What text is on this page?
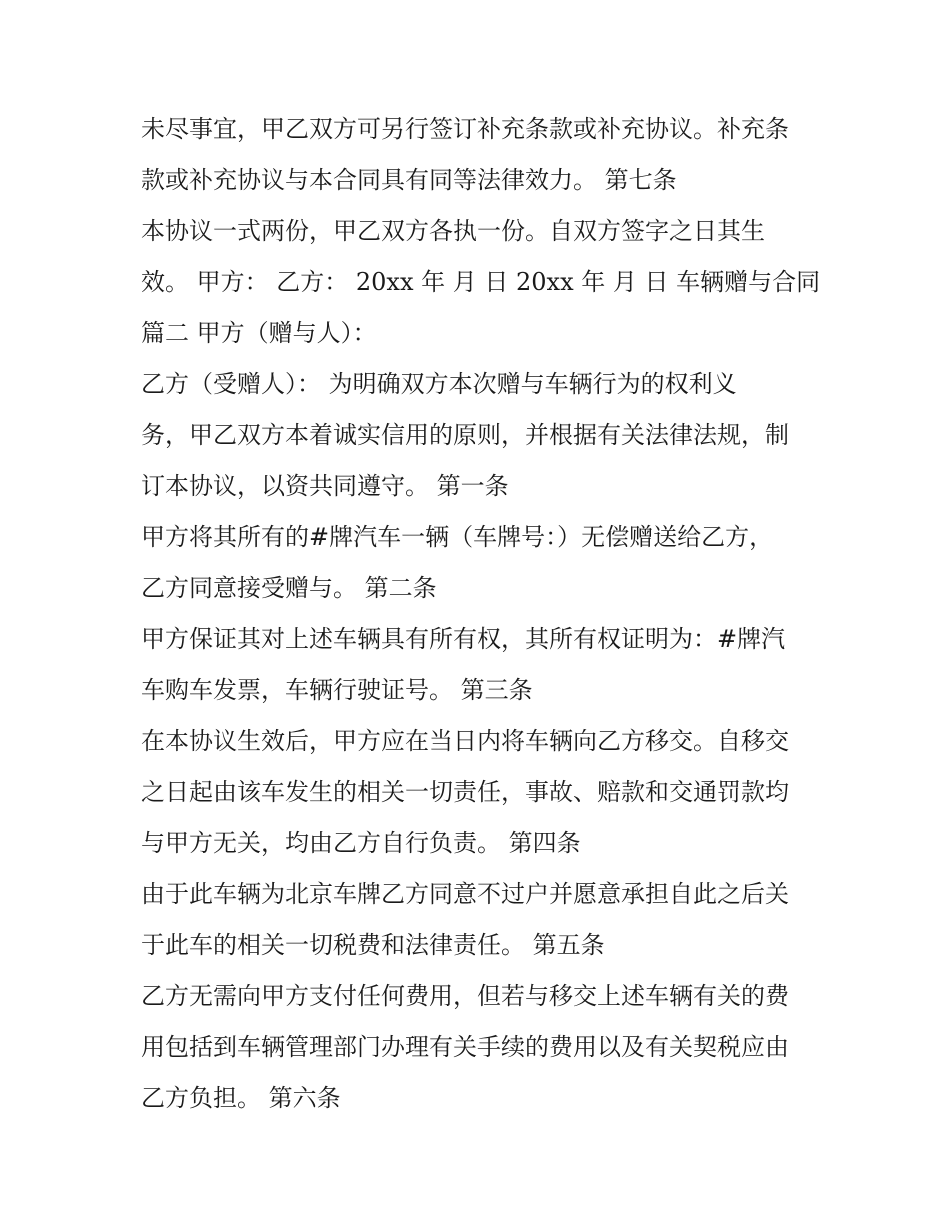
未尽事宜，甲乙双方可另行签订补充条款或补充协议。补充条
款或补充协议与本合同具有同等法律效力。 第七条
本协议一式两份，甲乙双方各执一份。自双方签字之日其生
效。 甲方： 乙方： 20xx 年 月 日 20xx 年 月 日 车辆赠与合同
篇二 甲方（赠与人）：
乙方（受赠人）： 为明确双方本次赠与车辆行为的权利义
务，甲乙双方本着诚实信用的原则，并根据有关法律法规，制
订本协议，以资共同遵守。 第一条
甲方将其所有的#牌汽车一辆（车牌号：）无偿赠送给乙方，
乙方同意接受赠与。 第二条
甲方保证其对上述车辆具有所有权，其所有权证明为：#牌汽
车购车发票，车辆行驶证号。 第三条
在本协议生效后，甲方应在当日内将车辆向乙方移交。自移交
之日起由该车发生的相关一切责任，事故、赔款和交通罚款均
与甲方无关，均由乙方自行负责。 第四条
由于此车辆为北京车牌乙方同意不过户并愿意承担自此之后关
于此车的相关一切税费和法律责任。 第五条
乙方无需向甲方支付任何费用，但若与移交上述车辆有关的费
用包括到车辆管理部门办理有关手续的费用以及有关契税应由
乙方负担。 第六条
